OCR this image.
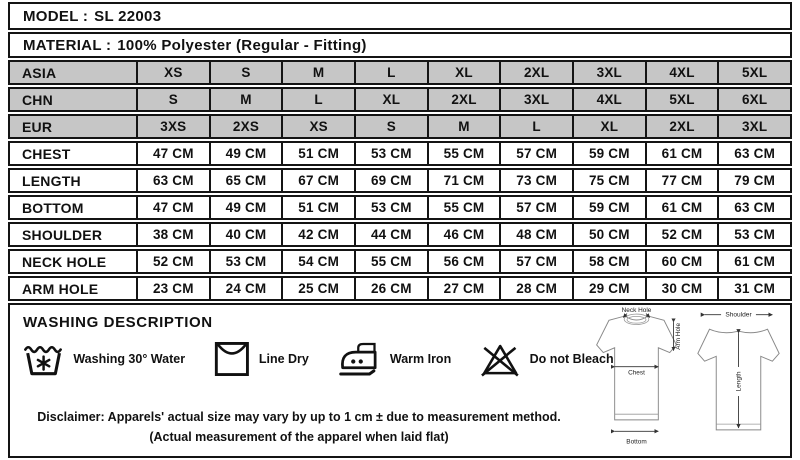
MODEL : SL 22003
MATERIAL : 100% Polyester (Regular - Fitting)
ASIA	XS	S	M	L	XL	2XL	3XL	4XL	5XL
CHN	S	M	L	XL	2XL	3XL	4XL	5XL	6XL
EUR	3XS	2XS	XS	S	M	L	XL	2XL	3XL
CHEST	47 CM	49 CM	51 CM	53 CM	55 CM	57 CM	59 CM	61 CM	63 CM
LENGTH	63 CM	65 CM	67 CM	69 CM	71 CM	73 CM	75 CM	77 CM	79 CM
BOTTOM	47 CM	49 CM	51 CM	53 CM	55 CM	57 CM	59 CM	61 CM	63 CM
SHOULDER	38 CM	40 CM	42 CM	44 CM	46 CM	48 CM	50 CM	52 CM	53 CM
NECK HOLE	52 CM	53 CM	54 CM	55 CM	56 CM	57 CM	58 CM	60 CM	61 CM
ARM HOLE	23 CM	24 CM	25 CM	26 CM	27 CM	28 CM	29 CM	30 CM	31 CM
WASHING DESCRIPTION
Washing 30° Water	Line Dry	Warm Iron	Do not Bleach
Disclaimer: Apparels' actual size may vary by up to 1 cm ± due to measurement method.
(Actual measurement of the apparel when laid flat)
Neck Hole
Arm Hole
Chest
Bottom
Shoulder
Length
